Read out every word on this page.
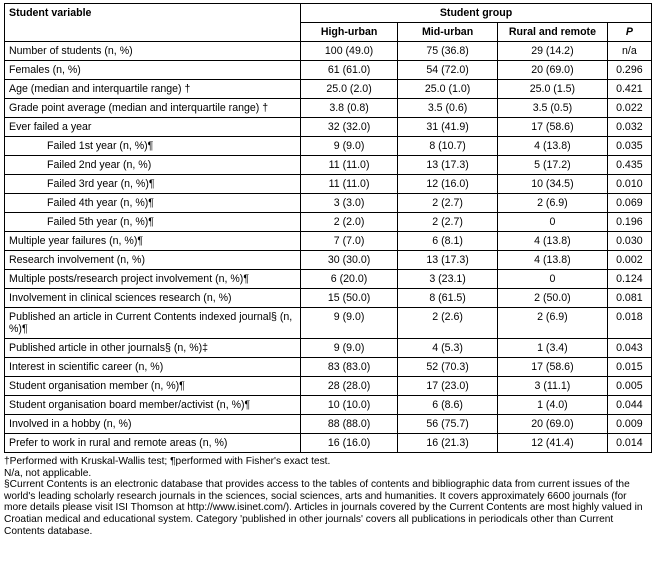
Student variable	Student group			
	High-urban	Mid-urban	Rural and remote	P
Number of students (n, %)	100 (49.0)	75 (36.8)	29 (14.2)	n/a
Females (n, %)	61 (61.0)	54 (72.0)	20 (69.0)	0.296
Age (median and interquartile range) †	25.0 (2.0)	25.0 (1.0)	25.0 (1.5)	0.421
Grade point average (median and interquartile range) †	3.8 (0.8)	3.5 (0.6)	3.5 (0.5)	0.022
Ever failed a year	32 (32.0)	31 (41.9)	17 (58.6)	0.032
Failed 1st year (n, %)¶	9 (9.0)	8 (10.7)	4 (13.8)	0.035
Failed 2nd year (n, %)	11 (11.0)	13 (17.3)	5 (17.2)	0.435
Failed 3rd year (n, %)¶	11 (11.0)	12 (16.0)	10 (34.5)	0.010
Failed 4th year (n, %)¶	3 (3.0)	2 (2.7)	2 (6.9)	0.069
Failed 5th year (n, %)¶	2 (2.0)	2 (2.7)	0	0.196
Multiple year failures (n, %)¶	7 (7.0)	6 (8.1)	4 (13.8)	0.030
Research involvement (n, %)	30 (30.0)	13 (17.3)	4 (13.8)	0.002
Multiple posts/research project involvement (n, %)¶	6 (20.0)	3 (23.1)	0	0.124
Involvement in clinical sciences research (n, %)	15 (50.0)	8 (61.5)	2 (50.0)	0.081
Published an article in Current Contents indexed journal§ (n, %)¶	9 (9.0)	2 (2.6)	2 (6.9)	0.018
Published article in other journals§ (n, %)‡	9 (9.0)	4 (5.3)	1 (3.4)	0.043
Interest in scientific career (n, %)	83 (83.0)	52 (70.3)	17 (58.6)	0.015
Student organisation member (n, %)¶	28 (28.0)	17 (23.0)	3 (11.1)	0.005
Student organisation board member/activist (n, %)¶	10 (10.0)	6 (8.6)	1 (4.0)	0.044
Involved in a hobby (n, %)	88 (88.0)	56 (75.7)	20 (69.0)	0.009
Prefer to work in rural and remote areas (n, %)	16 (16.0)	16 (21.3)	12 (41.4)	0.014
†Performed with Kruskal-Wallis test; ¶performed with Fisher's exact test.
N/a, not applicable.
§Current Contents is an electronic database that provides access to the tables of contents and bibliographic data from current issues of the world's leading scholarly research journals in the sciences, social sciences, arts and humanities. It covers approximately 6600 journals (for more details please visit ISI Thomson at http://www.isinet.com/). Articles in journals covered by the Current Contents are most highly valued in Croatian medical and educational system. Category 'published in other journals' covers all publications in periodicals other than Current Contents database.
